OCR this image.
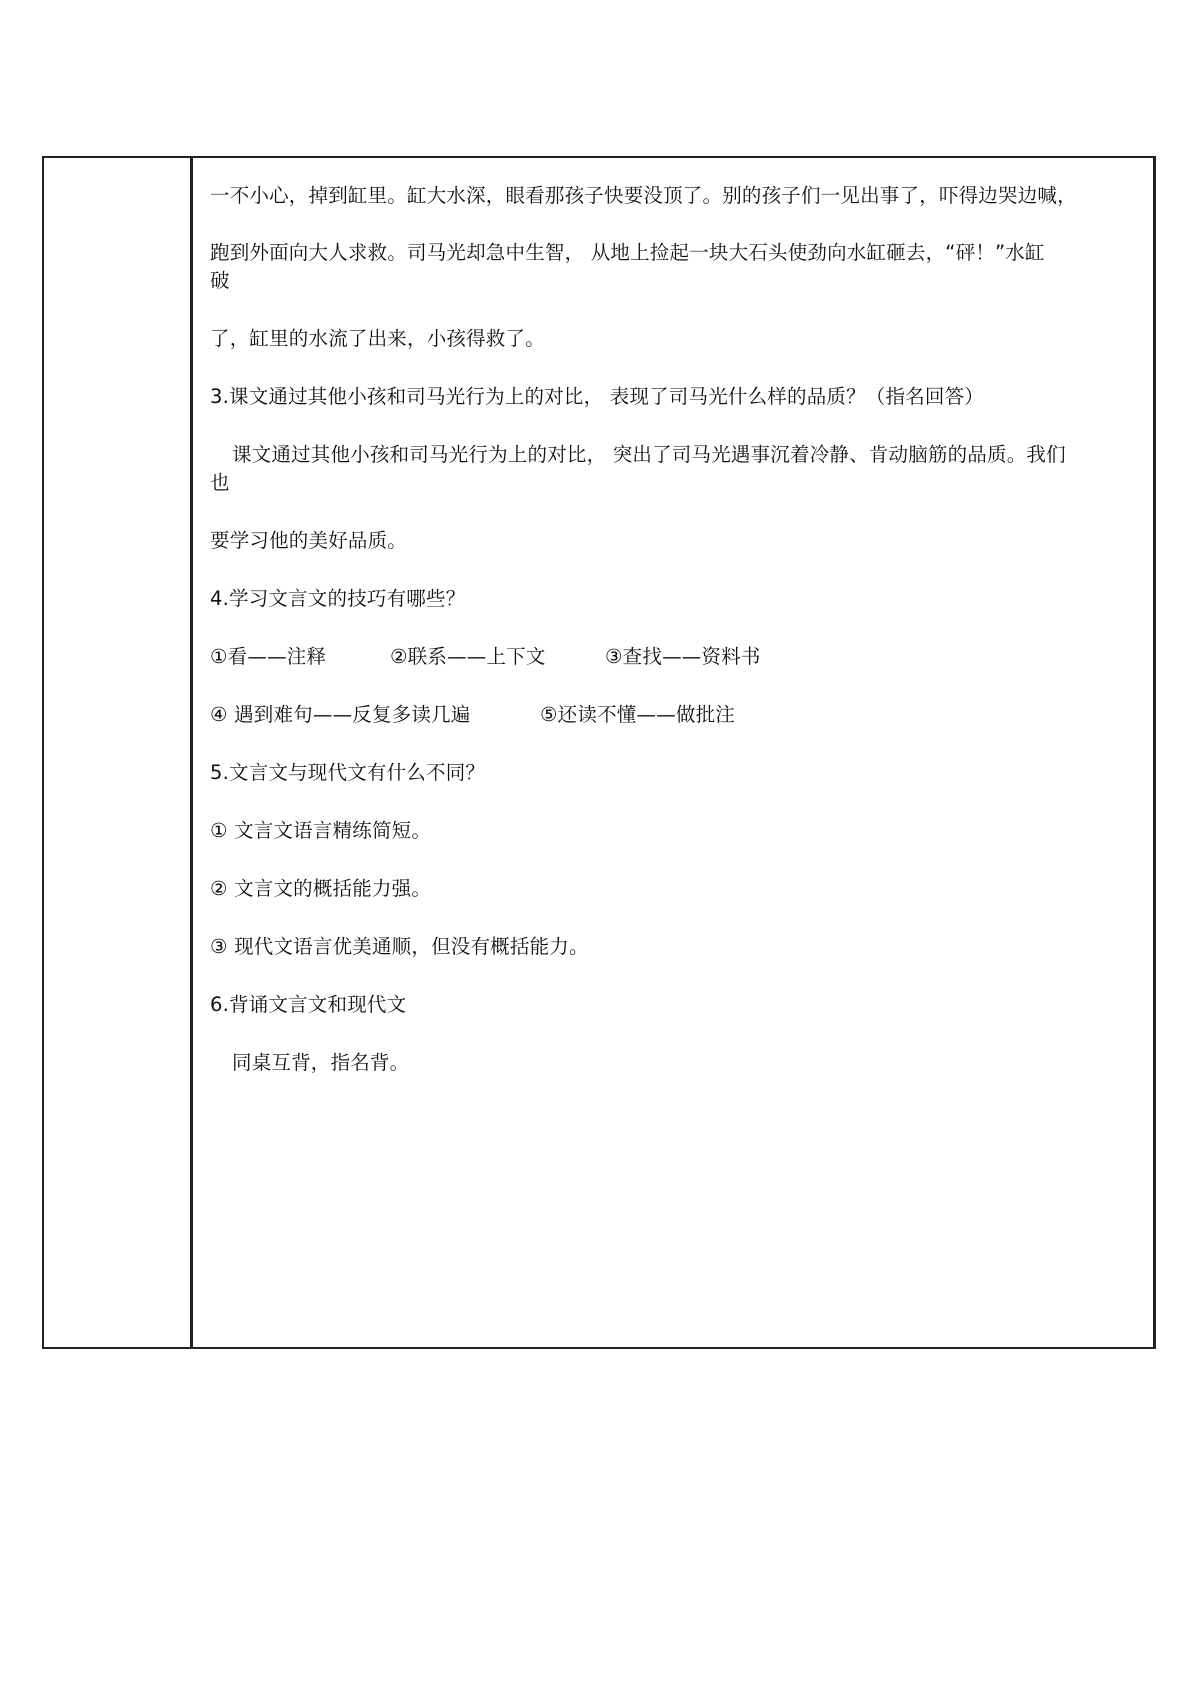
一不小心，掉到缸里。缸大水深，眼看那孩子快要没顶了。别的孩子们一见出事了，吓得边哭边喊，
跑到外面向大人求救。司马光却急中生智， 从地上捡起一块大石头使劲向水缸砸去，“砰！”水缸
破
了，缸里的水流了出来，小孩得救了。
3.课文通过其他小孩和司马光行为上的对比， 表现了司马光什么样的品质？（指名回答）
课文通过其他小孩和司马光行为上的对比， 突出了司马光遇事沉着冷静、肯动脑筋的品质。我们
也
要学习他的美好品质。
4.学习文言文的技巧有哪些？
①看——注释	②联系——上下文	③查找——资料书
④ 遇到难句——反复多读几遍	⑤还读不懂——做批注
5.文言文与现代文有什么不同？
① 文言文语言精练简短。
② 文言文的概括能力强。
③ 现代文语言优美通顺，但没有概括能力。
6.背诵文言文和现代文
同桌互背，指名背。
